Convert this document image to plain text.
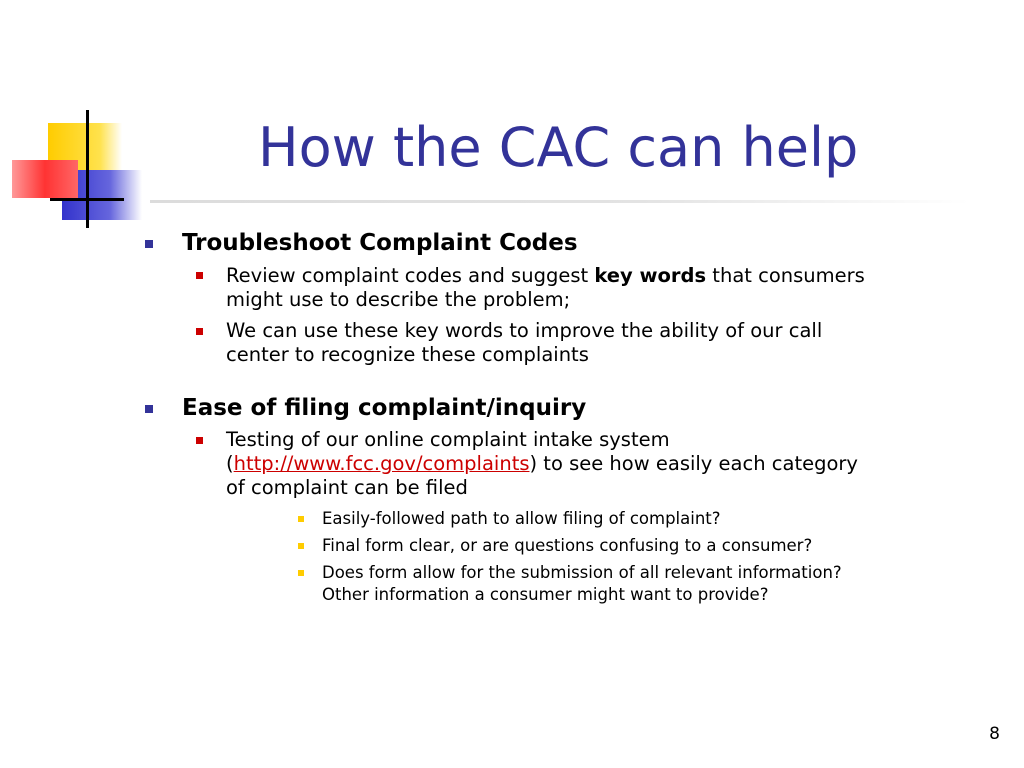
How the CAC can help
Troubleshoot Complaint Codes
Review complaint codes and suggest key words that consumers
might use to describe the problem;
We can use these key words to improve the ability of our call
center to recognize these complaints
Ease of filing complaint/inquiry
Testing of our online complaint intake system
(http://www.fcc.gov/complaints) to see how easily each category
of complaint can be filed
Easily-followed path to allow filing of complaint?
Final form clear, or are questions confusing to a consumer?
Does form allow for the submission of all relevant information?
Other information a consumer might want to provide?
8
